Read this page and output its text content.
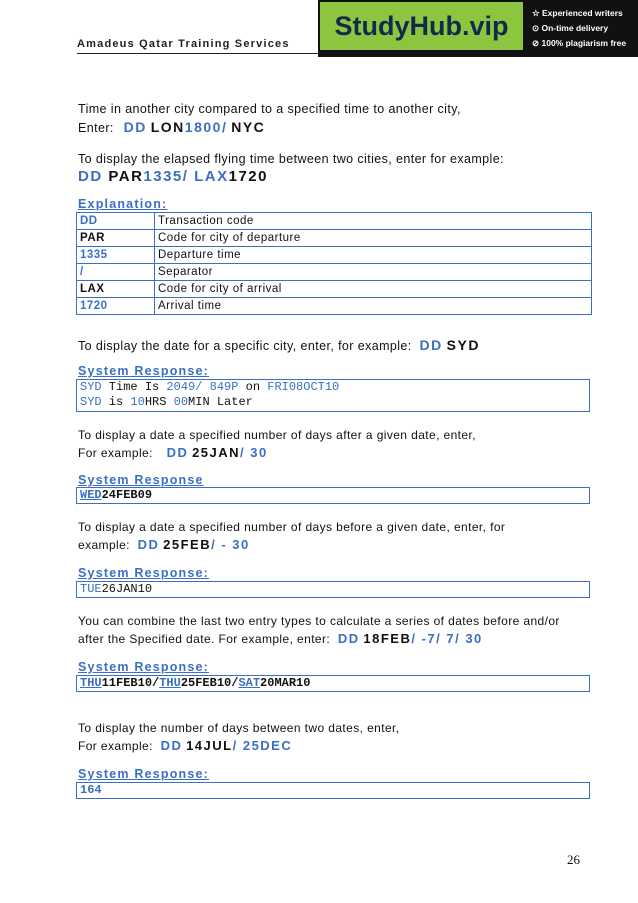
Amadeus Qatar Training Services
StudyHub.vip	☆ Experienced writers
⊙ On-time delivery
⊘ 100% plagiarism free
Time in another city compared to a specified time to another city,
Enter: DD LON1800/ NYC
To display the elapsed flying time between two cities, enter for example:
DD PAR1335/ LAX1720
Explanation:
DD	Transaction code
PAR	Code for city of departure
1335	Departure time
/	Separator
LAX	Code for city of arrival
1720	Arrival time
To display the date for a specific city, enter, for example: DD SYD
System Response:
SYD Time Is 2049/ 849P on FRI08OCT10
SYD is 10HRS 00MIN Later
To display a date a specified number of days after a given date, enter,
For example: DD 25JAN/ 30
System Response
WED24FEB09
To display a date a specified number of days before a given date, enter, for
example: DD 25FEB/ - 30
System Response:
TUE26JAN10
You can combine the last two entry types to calculate a series of dates before and/or
after the Specified date. For example, enter: DD 18FEB/ -7/ 7/ 30
System Response:
THU11FEB10/THU25FEB10/SAT20MAR10
To display the number of days between two dates, enter,
For example: DD 14JUL/ 25DEC
System Response:
164
26
